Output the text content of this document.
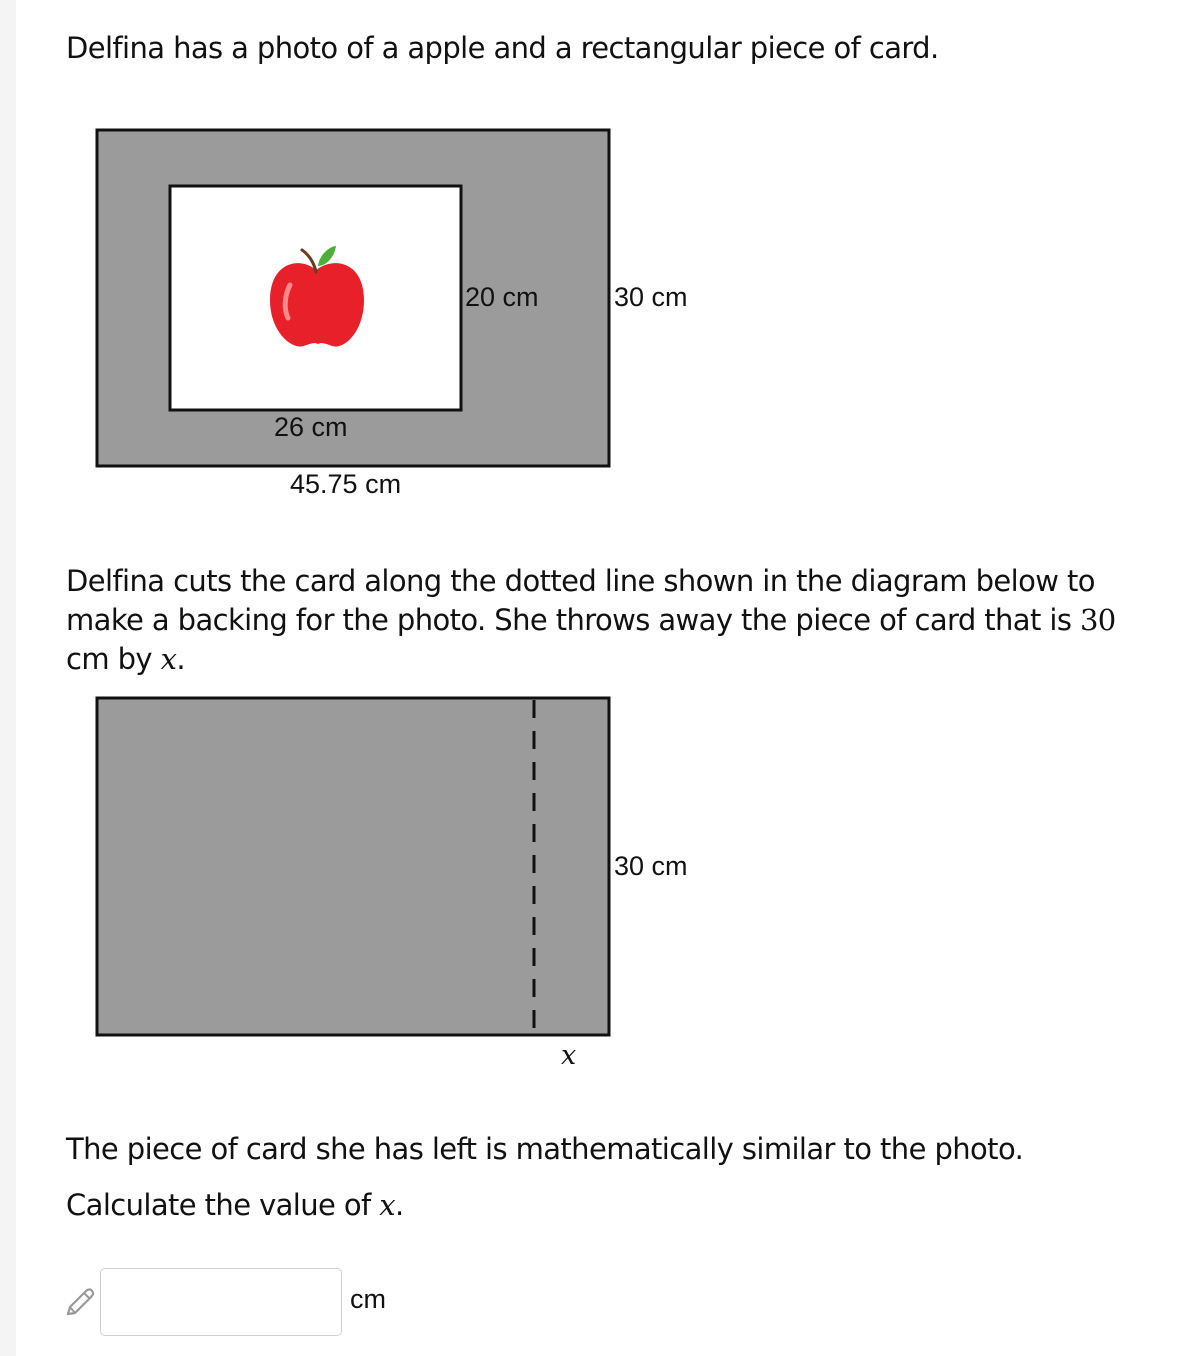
Delfina has a photo of a apple and a rectangular piece of card.

20 cm	30 cm
26 cm
45.75 cm

Delfina cuts the card along the dotted line shown in the diagram below to make a backing for the photo. She throws away the piece of card that is 30 cm by x.

30 cm
x

The piece of card she has left is mathematically similar to the photo.

Calculate the value of x.

cm
